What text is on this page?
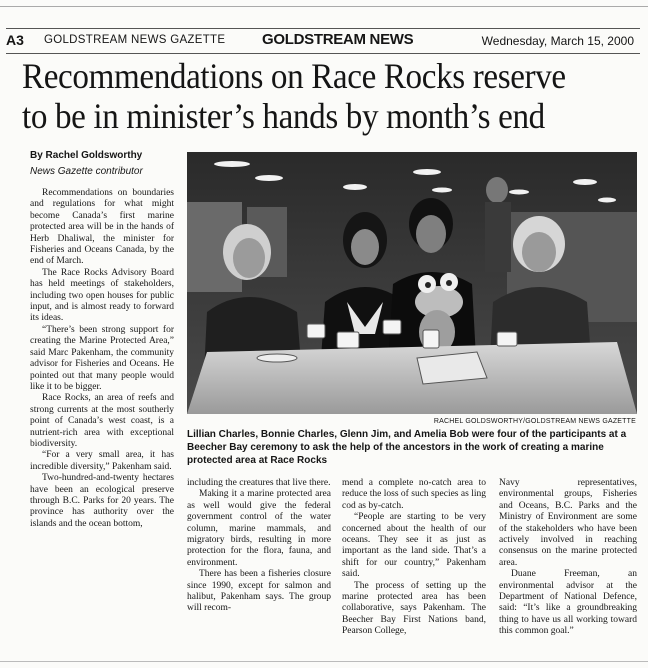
A3 GOLDSTREAM NEWS GAZETTE GOLDSTREAM NEWS	Wednesday, March 15, 2000
Recommendations on Race Rocks reserve to be in minister’s hands by month’s end
By Rachel Goldsworthy
News Gazette contributor

Recommendations on boundaries and regulations for what might become Canada’s first marine protected area will be in the hands of Herb Dhaliwal, the minister for Fisheries and Oceans Canada, by the end of March.

The Race Rocks Advisory Board has held meetings of stakeholders, including two open houses for public input, and is almost ready to forward its ideas.

“There’s been strong support for creating the Marine Protected Area,” said Marc Pakenham, the community advisor for Fisheries and Oceans. He pointed out that many people would like it to be bigger.

Race Rocks, an area of reefs and strong currents at the most southerly point of Canada’s west coast, is a nutrient-rich area with exceptional biodiversity.

“For a very small area, it has incredible diversity,” Pakenham said.

Two-hundred-and-twenty hectares have been an ecological preserve through B.C. Parks for 20 years. The province has authority over the islands and the ocean bottom,

RACHEL GOLDSWORTHY/GOLDSTREAM NEWS GAZETTE
Lillian Charles, Bonnie Charles, Glenn Jim, and Amelia Bob were four of the participants at a Beecher Bay ceremony to ask the help of the ancestors in the work of creating a marine protected area at Race Rocks

including the creatures that live there.

Making it a marine protected area as well would give the federal government control of the water column, marine mammals, and migratory birds, resulting in more protection for the flora, fauna, and environment.

There has been a fisheries closure since 1990, except for salmon and halibut, Pakenham says. The group will recom-

mend a complete no-catch area to reduce the loss of such species as ling cod as by-catch.

“People are starting to be very concerned about the health of our oceans. They see it as just as important as the land side. That’s a shift for our country,” Pakenham said.

The process of setting up the marine protected area has been collaborative, says Pakenham. The Beecher Bay First Nations band, Pearson College,

Navy representatives, environmental groups, Fisheries and Oceans, B.C. Parks and the Ministry of Environment are some of the stakeholders who have been actively involved in reaching consensus on the marine protected area.

Duane Freeman, an environmental advisor at the Department of National Defence, said: “It’s like a groundbreaking thing to have us all working toward this common goal.”
